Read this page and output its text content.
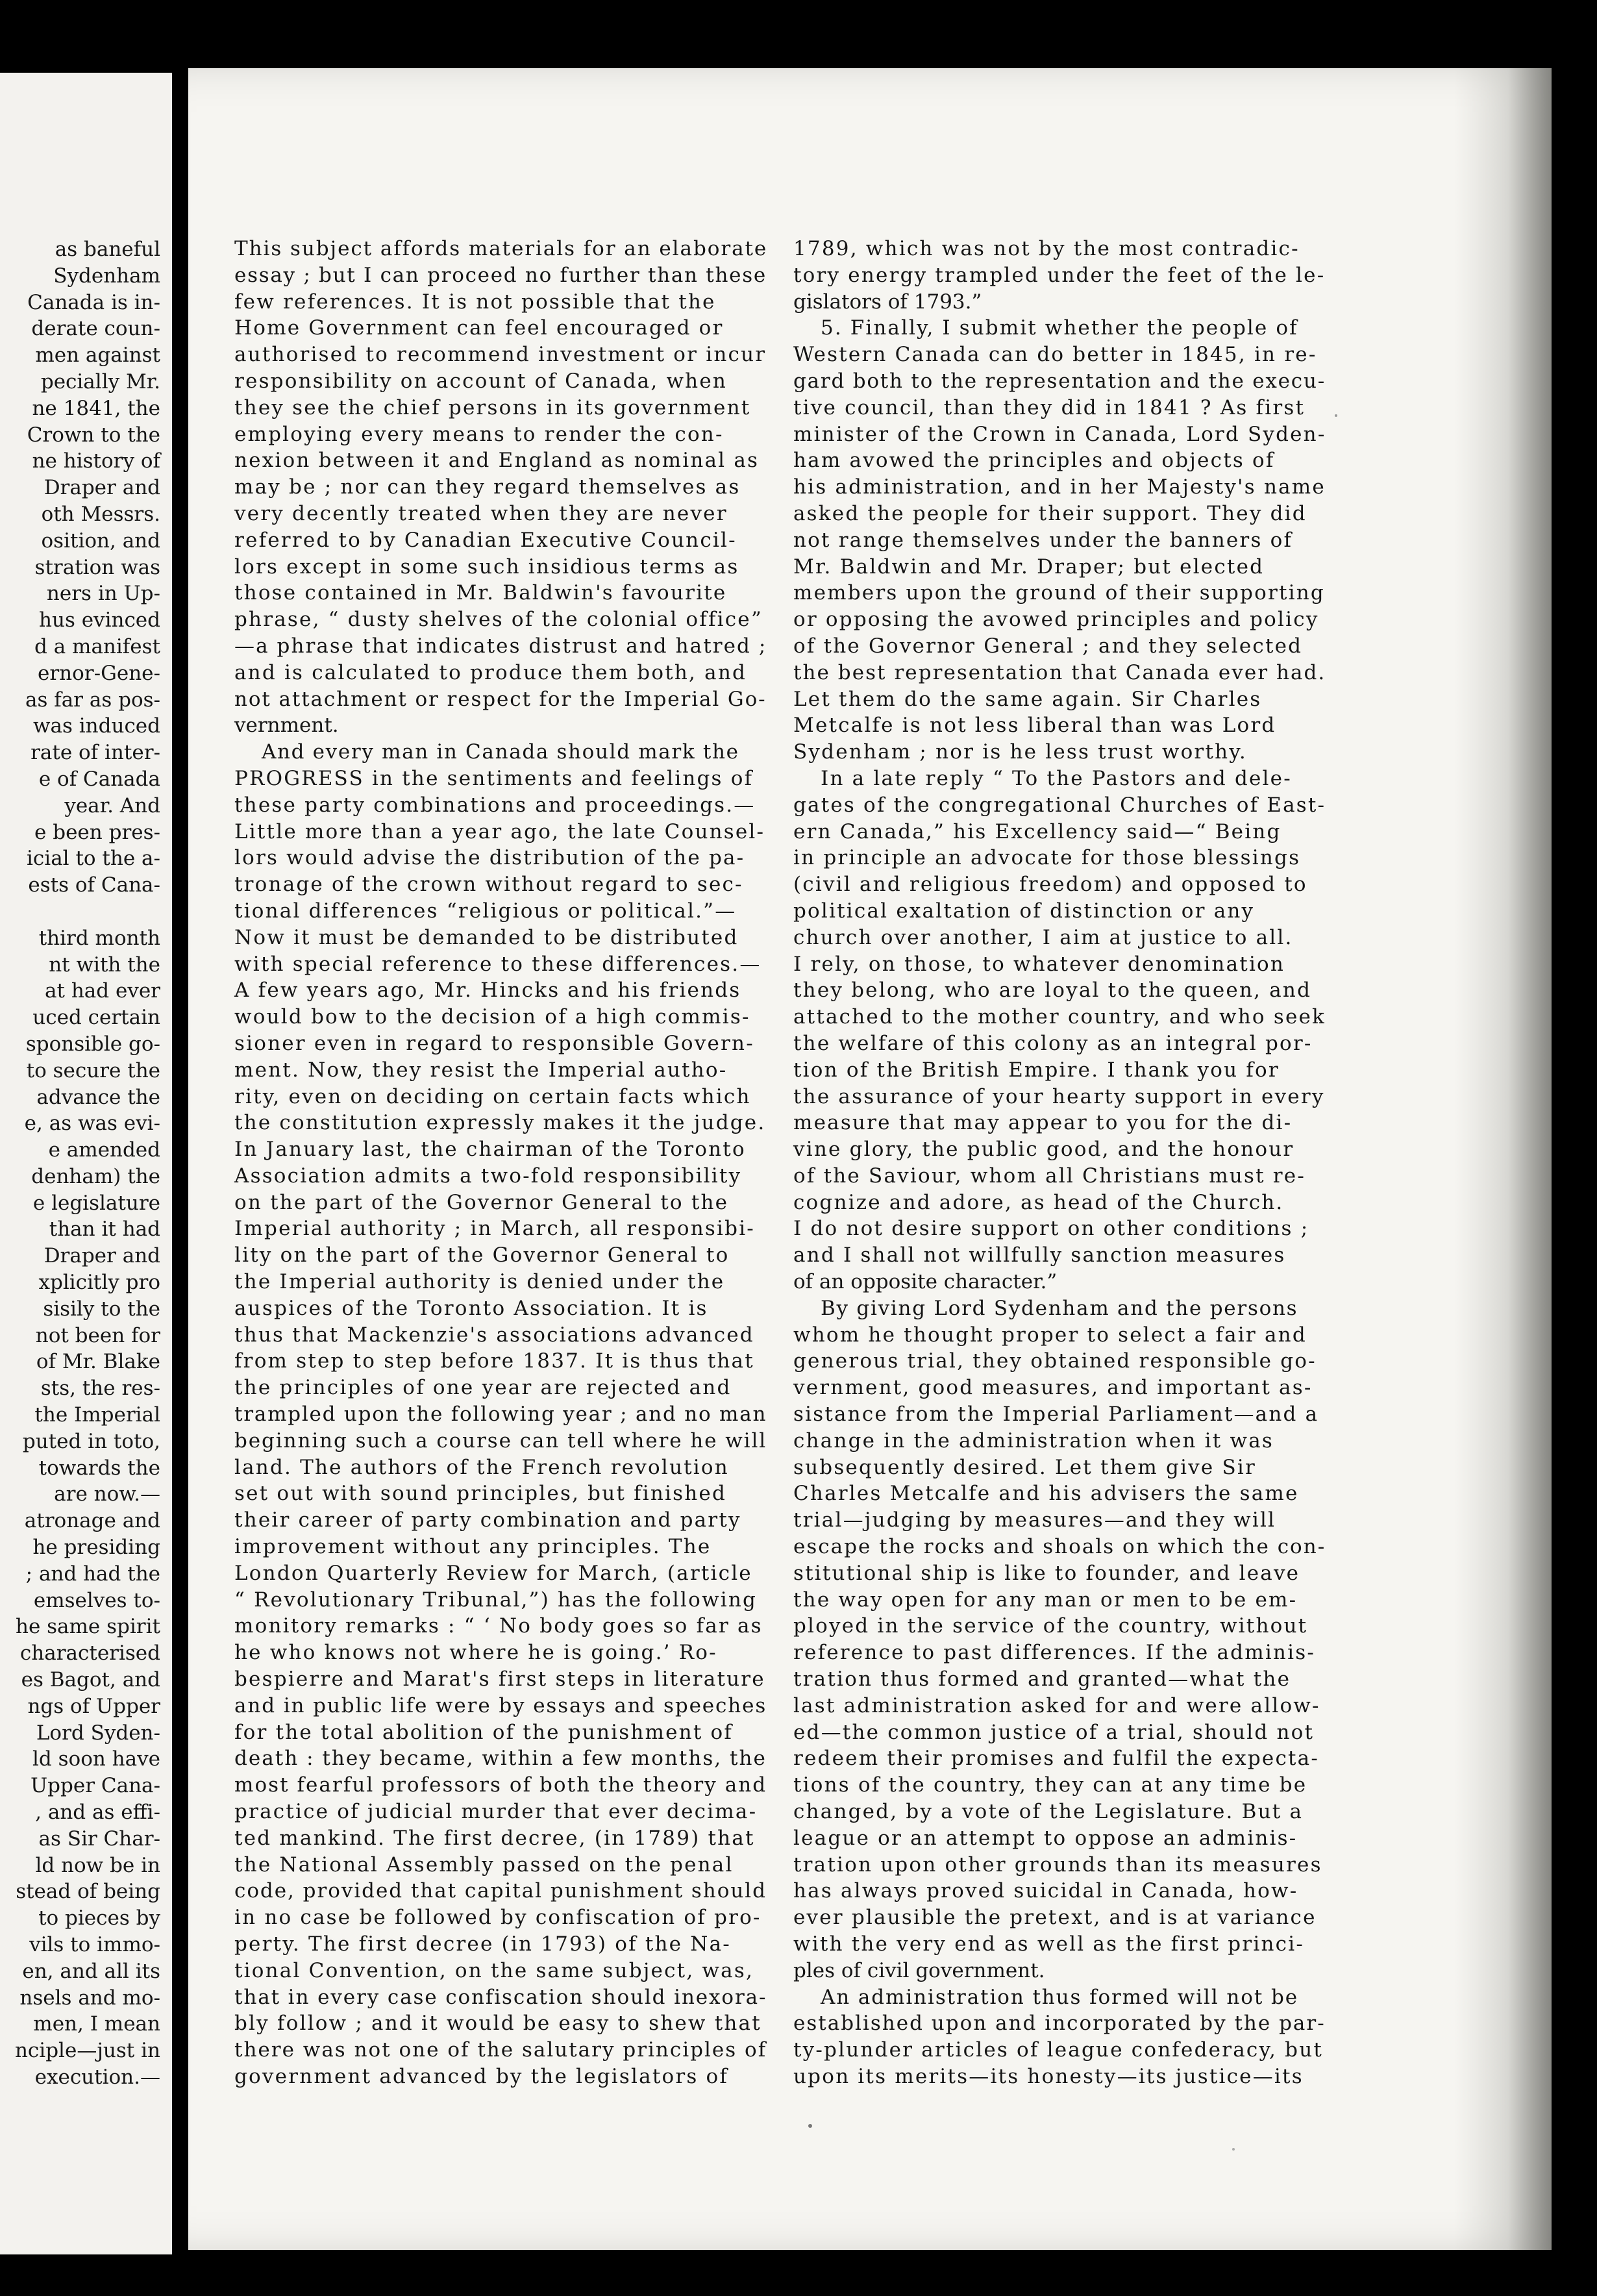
as baneful
Sydenham
Canada is in-
derate coun-
men against
pecially Mr.
ne 1841, the
Crown to the
ne history of
Draper and
oth Messrs.
osition, and
stration was
ners in Up-
hus evinced
d a manifest
ernor-Gene-
as far as pos-
was induced
rate of inter-
e of Canada
year. And
e been pres-
icial to the a-
ests of Cana-
third month
nt with the
at had ever
uced certain
sponsible go-
to secure the
advance the
e, as was evi-
e amended
denham) the
e legislature
than it had
Draper and
xplicitly pro
sisily to the
not been for
of Mr. Blake
sts, the res-
the Imperial
puted in toto,
towards the
are now.—
atronage and
he presiding
; and had the
emselves to-
he same spirit
characterised
es Bagot, and
ngs of Upper
Lord Syden-
ld soon have
Upper Cana-
, and as effi-
as Sir Char-
ld now be in
stead of being
to pieces by
vils to immo-
en, and all its
nsels and mo-
men, I mean
nciple—just in
execution.—
This subject affords materials for an elaborate
essay ; but I can proceed no further than these
few references. It is not possible that the
Home Government can feel encouraged or
authorised to recommend investment or incur
responsibility on account of Canada, when
they see the chief persons in its government
employing every means to render the con-
nexion between it and England as nominal as
may be ; nor can they regard themselves as
very decently treated when they are never
referred to by Canadian Executive Council-
lors except in some such insidious terms as
those contained in Mr. Baldwin's favourite
phrase, “ dusty shelves of the colonial office”
—a phrase that indicates distrust and hatred ;
and is calculated to produce them both, and
not attachment or respect for the Imperial Go-
vernment.
And every man in Canada should mark the
PROGRESS in the sentiments and feelings of
these party combinations and proceedings.—
Little more than a year ago, the late Counsel-
lors would advise the distribution of the pa-
tronage of the crown without regard to sec-
tional differences “religious or political.”—
Now it must be demanded to be distributed
with special reference to these differences.—
A few years ago, Mr. Hincks and his friends
would bow to the decision of a high commis-
sioner even in regard to responsible Govern-
ment. Now, they resist the Imperial autho-
rity, even on deciding on certain facts which
the constitution expressly makes it the judge.
In January last, the chairman of the Toronto
Association admits a two-fold responsibility
on the part of the Governor General to the
Imperial authority ; in March, all responsibi-
lity on the part of the Governor General to
the Imperial authority is denied under the
auspices of the Toronto Association. It is
thus that Mackenzie's associations advanced
from step to step before 1837. It is thus that
the principles of one year are rejected and
trampled upon the following year ; and no man
beginning such a course can tell where he will
land. The authors of the French revolution
set out with sound principles, but finished
their career of party combination and party
improvement without any principles. The
London Quarterly Review for March, (article
“ Revolutionary Tribunal,”) has the following
monitory remarks : “ ‘ No body goes so far as
he who knows not where he is going.’ Ro-
bespierre and Marat's first steps in literature
and in public life were by essays and speeches
for the total abolition of the punishment of
death : they became, within a few months, the
most fearful professors of both the theory and
practice of judicial murder that ever decima-
ted mankind. The first decree, (in 1789) that
the National Assembly passed on the penal
code, provided that capital punishment should
in no case be followed by confiscation of pro-
perty. The first decree (in 1793) of the Na-
tional Convention, on the same subject, was,
that in every case confiscation should inexora-
bly follow ; and it would be easy to shew that
there was not one of the salutary principles of
government advanced by the legislators of
1789, which was not by the most contradic-
tory energy trampled under the feet of the le-
gislators of 1793.”
5. Finally, I submit whether the people of
Western Canada can do better in 1845, in re-
gard both to the representation and the execu-
tive council, than they did in 1841 ? As first
minister of the Crown in Canada, Lord Syden-
ham avowed the principles and objects of
his administration, and in her Majesty's name
asked the people for their support. They did
not range themselves under the banners of
Mr. Baldwin and Mr. Draper; but elected
members upon the ground of their supporting
or opposing the avowed principles and policy
of the Governor General ; and they selected
the best representation that Canada ever had.
Let them do the same again. Sir Charles
Metcalfe is not less liberal than was Lord
Sydenham ; nor is he less trust worthy.
In a late reply “ To the Pastors and dele-
gates of the congregational Churches of East-
ern Canada,” his Excellency said—“ Being
in principle an advocate for those blessings
(civil and religious freedom) and opposed to
political exaltation of distinction or any
church over another, I aim at justice to all.
I rely, on those, to whatever denomination
they belong, who are loyal to the queen, and
attached to the mother country, and who seek
the welfare of this colony as an integral por-
tion of the British Empire. I thank you for
the assurance of your hearty support in every
measure that may appear to you for the di-
vine glory, the public good, and the honour
of the Saviour, whom all Christians must re-
cognize and adore, as head of the Church.
I do not desire support on other conditions ;
and I shall not willfully sanction measures
of an opposite character.”
By giving Lord Sydenham and the persons
whom he thought proper to select a fair and
generous trial, they obtained responsible go-
vernment, good measures, and important as-
sistance from the Imperial Parliament—and a
change in the administration when it was
subsequently desired. Let them give Sir
Charles Metcalfe and his advisers the same
trial—judging by measures—and they will
escape the rocks and shoals on which the con-
stitutional ship is like to founder, and leave
the way open for any man or men to be em-
ployed in the service of the country, without
reference to past differences. If the adminis-
tration thus formed and granted—what the
last administration asked for and were allow-
ed—the common justice of a trial, should not
redeem their promises and fulfil the expecta-
tions of the country, they can at any time be
changed, by a vote of the Legislature. But a
league or an attempt to oppose an adminis-
tration upon other grounds than its measures
has always proved suicidal in Canada, how-
ever plausible the pretext, and is at variance
with the very end as well as the first princi-
ples of civil government.
An administration thus formed will not be
established upon and incorporated by the par-
ty-plunder articles of league confederacy, but
upon its merits—its honesty—its justice—its
